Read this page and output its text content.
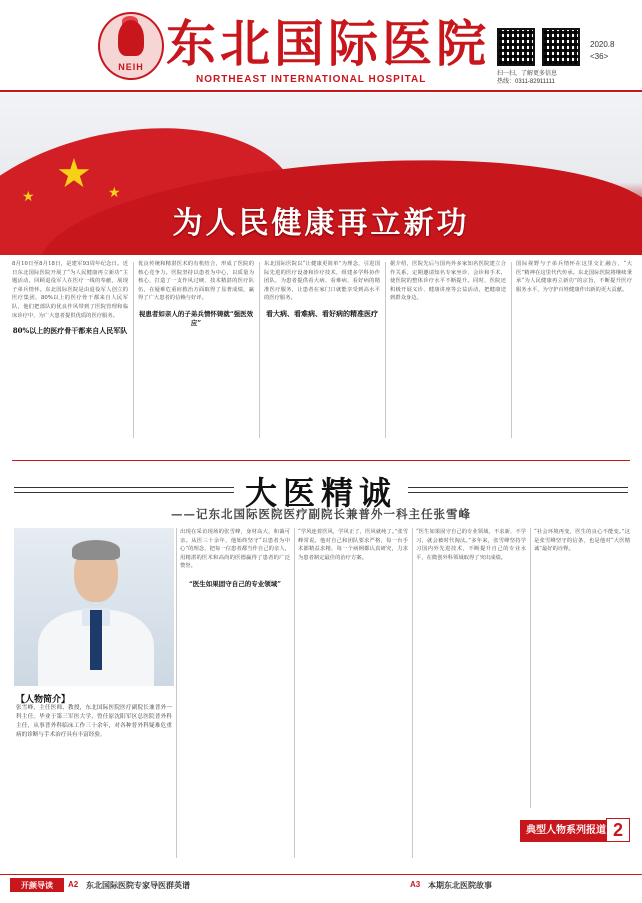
NEIH 东北国际医院
NORTHEAST INTERNATIONAL HOSPITAL	扫一扫，了解更多信息
热线：0311-82911111
2020.8
<36>
★
★	★
为人民健康再立新功
8月10日至8月18日，是建军93周年纪念日。近日东北国际医院开展了“为人民健康再立新功”主题活动，回顾退役军人在医疗一线的奉献，展现子弟兵情怀。东北国际医院是由退役军人创立的医疗集团，80%以上的医疗骨干都来自人民军队，他们把部队的优良作风带到了医院管理和临床诊疗中，为广大患者提供优质的医疗服务。
80%以上的医疗骨干都来自人民军队
优良传统和精湛医术的有机结合，形成了医院的核心竞争力。医院坚持以患者为中心，以质量为核心，打造了一支作风过硬、技术精湛的医疗队伍，在疑难危重症救治方面取得了显著成绩，赢得了广大患者的信赖与好评。
视患者如亲人的子弟兵情怀铸就“强医效应”
东北国际医院以“让健康更简单”为理念，引进国际先进的医疗设备和诊疗技术，组建多学科协作团队，为患者提供看大病、看难病、看好病的精准医疗服务，让患者在家门口就能享受到高水平的医疗服务。
看大病、看难病、看好病的精准医疗
据介绍，医院先后与国内外多家知名医院建立合作关系，定期邀请知名专家坐诊、会诊和手术，使医院的整体诊疗水平不断提升。同时，医院还积极开展义诊、健康讲座等公益活动，把健康送到群众身边。
国际视野与子弟兵情怀在这里交汇融合，“大医”精神在这里代代传承。东北国际医院将继续秉承“为人民健康再立新功”的宗旨，不断提升医疗服务水平，为守护百姓健康作出新的更大贡献。
大医精诚
——记东北国际医院医疗副院长兼普外一科主任张雪峰
【人物简介】
张雪峰，主任医师、教授，东北国际医院医疗副院长兼普外一科主任。毕业于第三军医大学，曾任原沈阳军区总医院普外科主任，从事普外科临床工作三十余年，对各种普外科疑难危重病的诊断与手术治疗具有丰富经验。
出现在采访现场的张雪峰，身材高大，和蔼可亲。从医三十余年，他始终坚守“以患者为中心”的理念，把每一位患者都当作自己的亲人，用精湛的医术和高尚的医德赢得了患者的广泛赞誉。
“医生如果固守自己的专业领域”
“学风连着医风，学风正了，医风就纯了。”张雪峰常说。他对自己和团队要求严格，每一台手术都精益求精，每一个病例都认真研究，力求为患者制定最佳的治疗方案。
“医生如果固守自己的专业领域，不求新、不学习，就会被时代淘汰。”多年来，张雪峰坚持学习国内外先进技术，不断提升自己的专业水平，在微创外科领域取得了突出成绩。
“社会环境再变，医生的良心不能变。”这是张雪峰坚守的信条，也是他对“大医精诚”最好的诠释。
典型人物系列报道 2
开颜导读	A2 东北国际医院专家导医群英谱	A3 本期东北医院故事
